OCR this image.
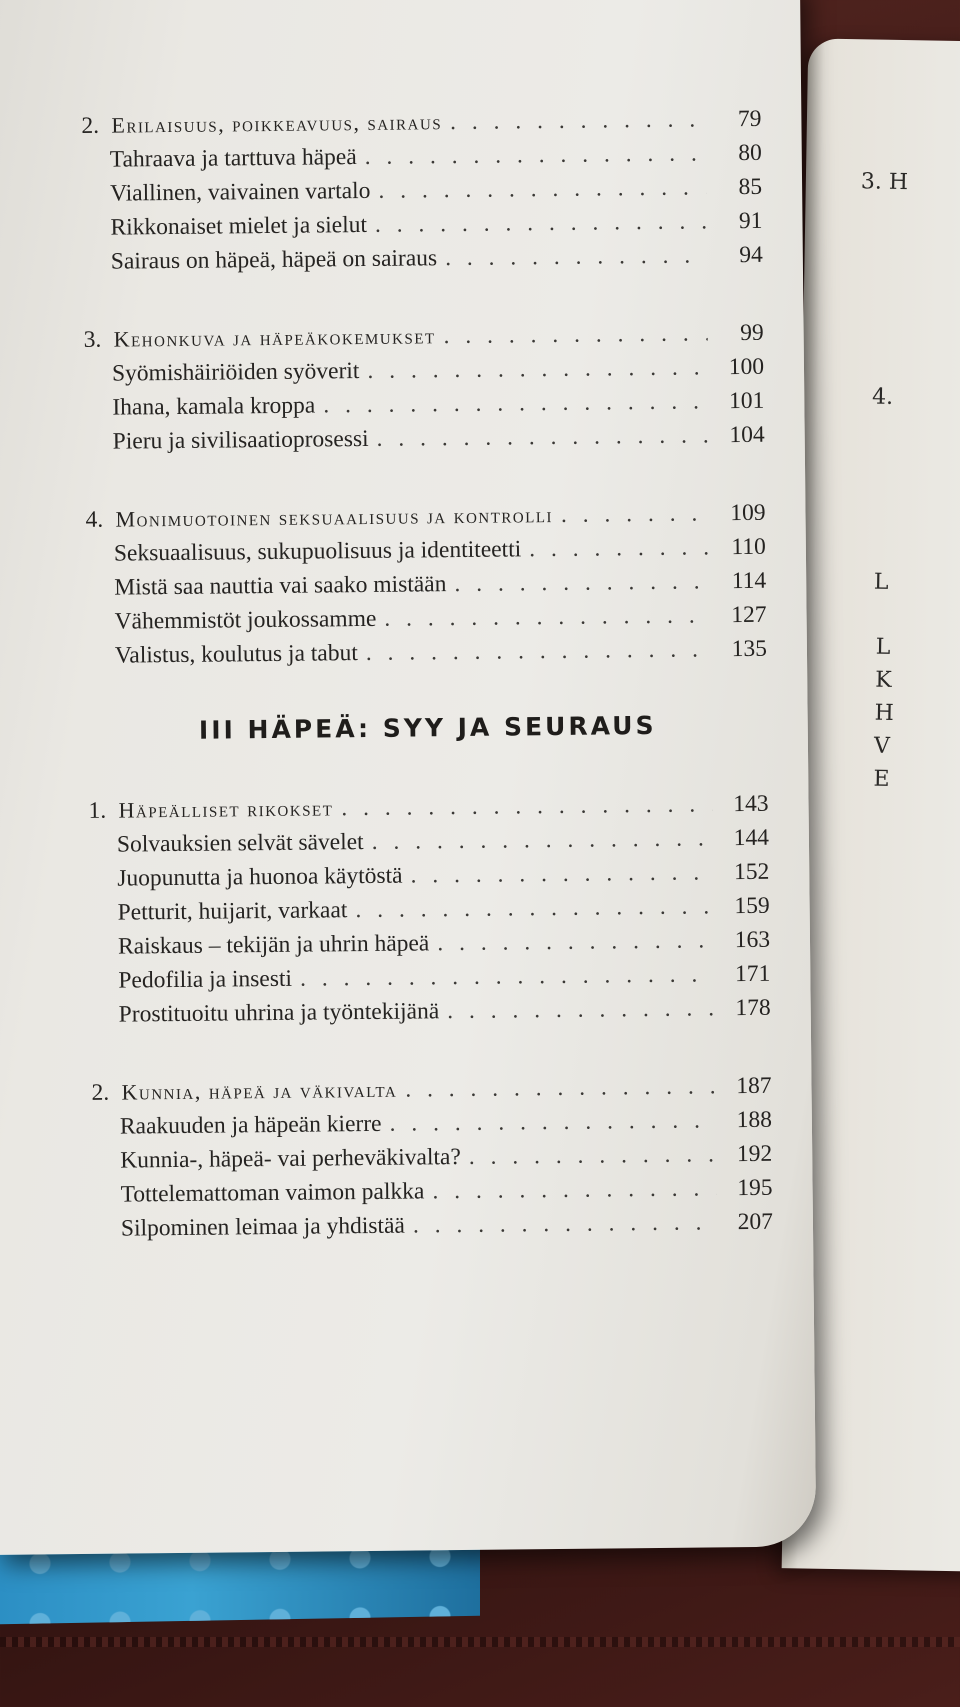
3. H
4.
L
L
K
H
V
E
2. Erilaisuus, poikkeavuus, sairaus . . .	79
Tahraava ja tarttuva häpeä . . .	80
Viallinen, vaivainen vartalo . . .	85
Rikkonaiset mielet ja sielut . . .	91
Sairaus on häpeä, häpeä on sairaus . . .	94
3. Kehonkuva ja häpeäkokemukset . . .	99
Syömishäiriöiden syöverit . . .	100
Ihana, kamala kroppa . . .	101
Pieru ja sivilisaatioprosessi . . .	104
4. Monimuotoinen seksuaalisuus ja kontrolli . . .	109
Seksuaalisuus, sukupuolisuus ja identiteetti . . .	110
Mistä saa nauttia vai saako mistään . . .	114
Vähemmistöt joukossamme . . .	127
Valistus, koulutus ja tabut . . .	135
III HÄPEÄ: SYY JA SEURAUS
1. Häpeälliset rikokset . . .	143
Solvauksien selvät sävelet . . .	144
Juopunutta ja huonoa käytöstä . . .	152
Petturit, huijarit, varkaat . . .	159
Raiskaus – tekijän ja uhrin häpeä . . .	163
Pedofilia ja insesti . . .	171
Prostituoitu uhrina ja työntekijänä . . .	178
2. Kunnia, häpeä ja väkivalta . . .	187
Raakuuden ja häpeän kierre . . .	188
Kunnia-, häpeä- vai perheväkivalta? . . .	192
Tottelemattoman vaimon palkka . . .	195
Silpominen leimaa ja yhdistää . . .	207
